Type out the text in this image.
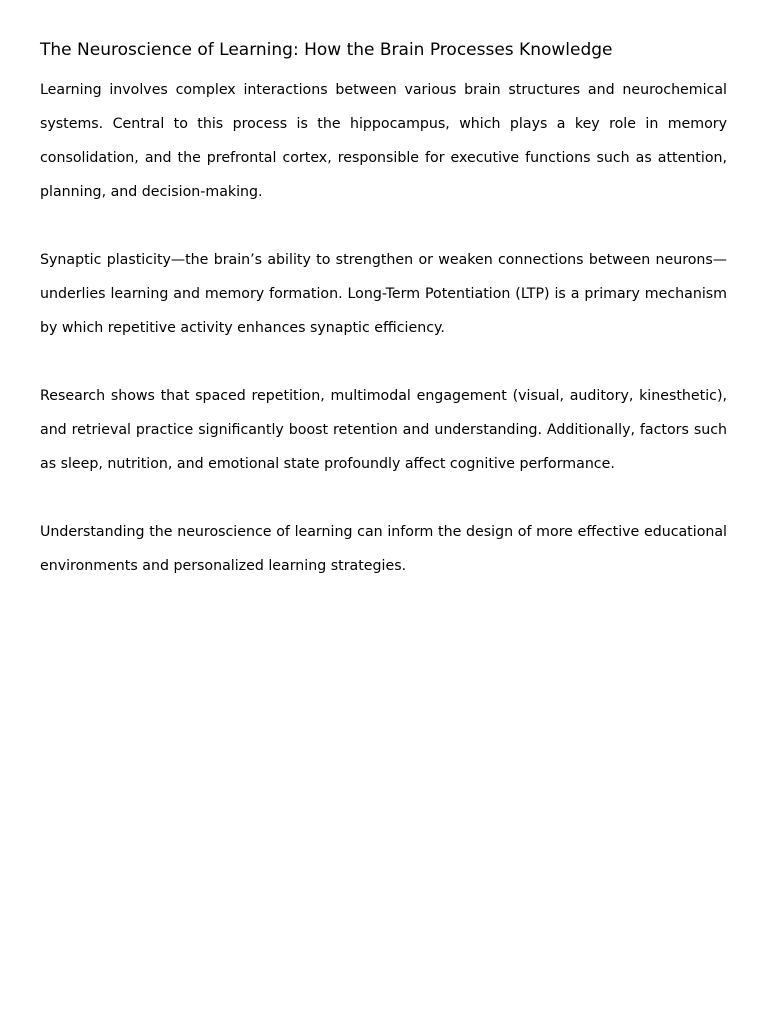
The Neuroscience of Learning: How the Brain Processes Knowledge

Learning involves complex interactions between various brain structures and neurochemical systems. Central to this process is the hippocampus, which plays a key role in memory consolidation, and the prefrontal cortex, responsible for executive functions such as attention, planning, and decision-making.

Synaptic plasticity—the brain’s ability to strengthen or weaken connections between neurons—underlies learning and memory formation. Long-Term Potentiation (LTP) is a primary mechanism by which repetitive activity enhances synaptic efficiency.

Research shows that spaced repetition, multimodal engagement (visual, auditory, kinesthetic), and retrieval practice significantly boost retention and understanding. Additionally, factors such as sleep, nutrition, and emotional state profoundly affect cognitive performance.

Understanding the neuroscience of learning can inform the design of more effective educational environments and personalized learning strategies.
